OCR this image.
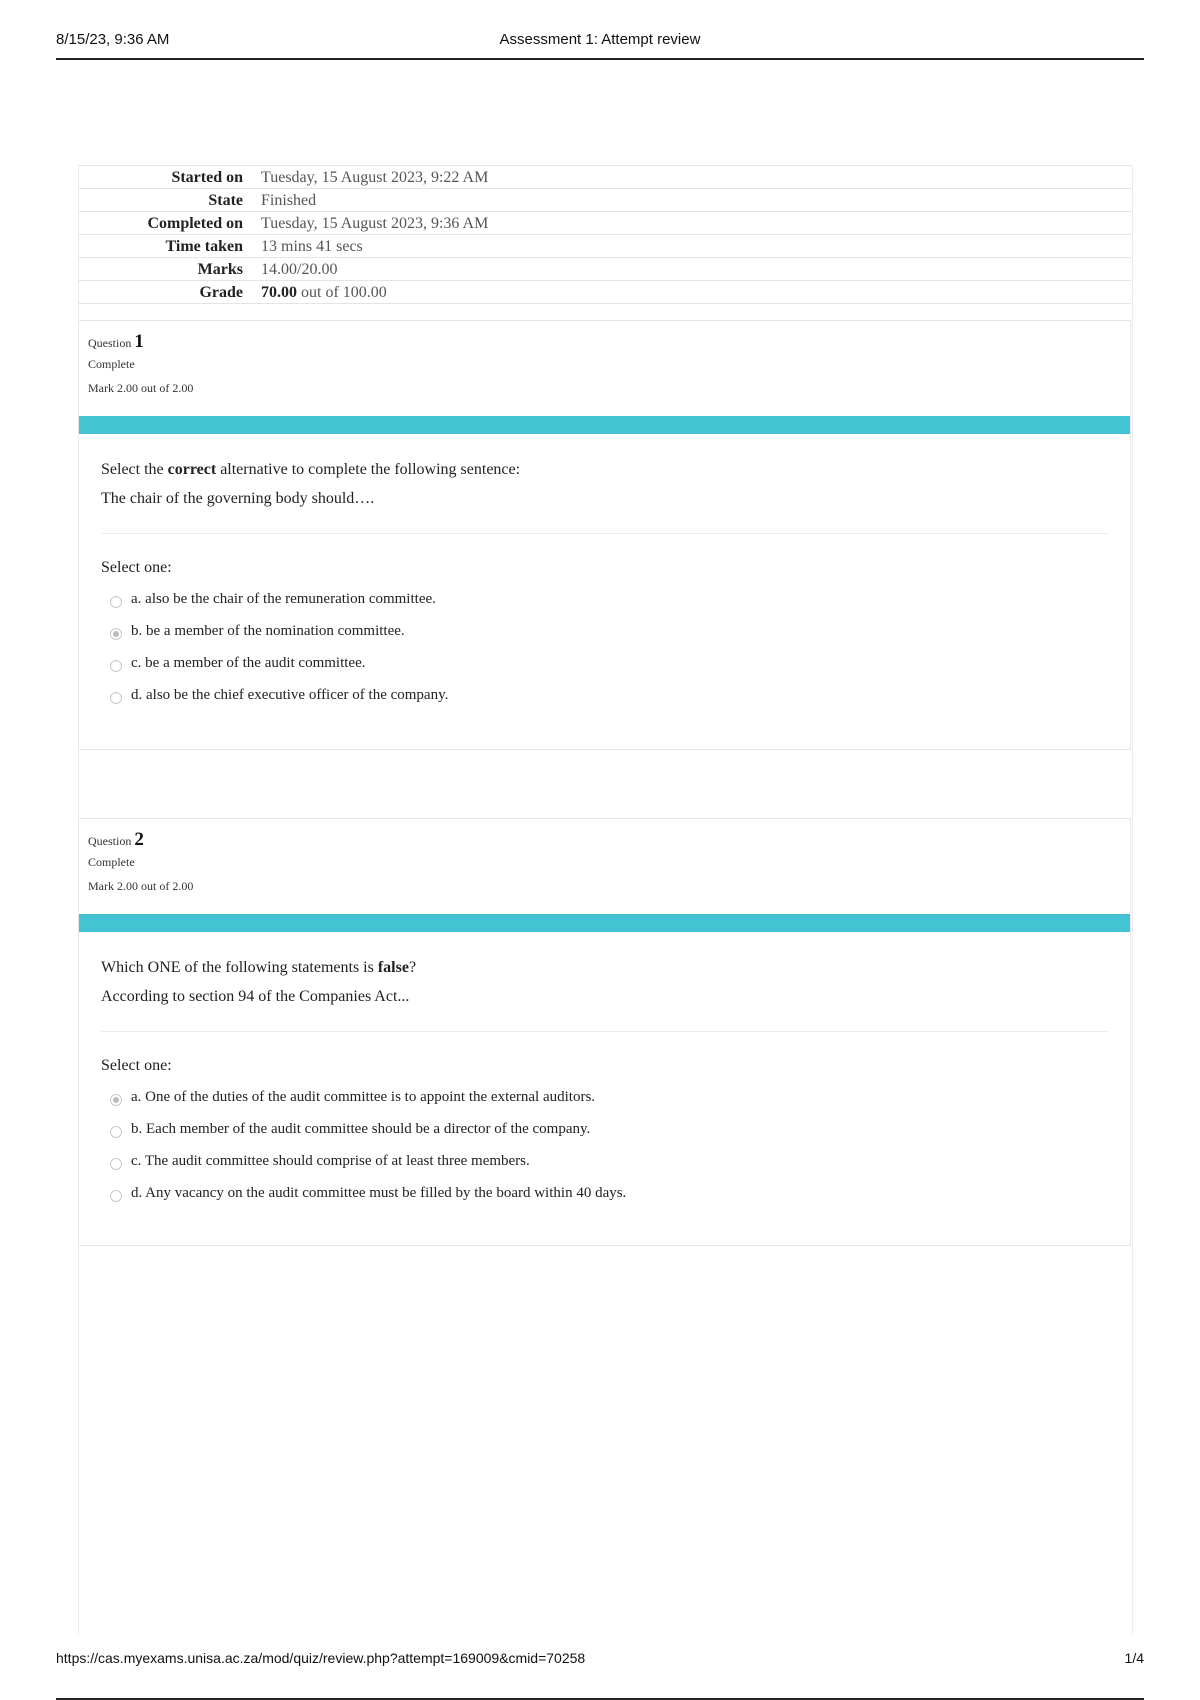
8/15/23, 9:36 AM	Assessment 1: Attempt review
Started on	Tuesday, 15 August 2023, 9:22 AM
State	Finished
Completed on	Tuesday, 15 August 2023, 9:36 AM
Time taken	13 mins 41 secs
Marks	14.00/20.00
Grade	70.00 out of 100.00
Question 1
Complete
Mark 2.00 out of 2.00

Select the correct alternative to complete the following sentence:

The chair of the governing body should….

Select one:
a. also be the chair of the remuneration committee.
b. be a member of the nomination committee.
c. be a member of the audit committee.
d. also be the chief executive officer of the company.
Question 2
Complete
Mark 2.00 out of 2.00

Which ONE of the following statements is false?

According to section 94 of the Companies Act...

Select one:
a. One of the duties of the audit committee is to appoint the external auditors.
b. Each member of the audit committee should be a director of the company.
c. The audit committee should comprise of at least three members.
d. Any vacancy on the audit committee must be filled by the board within 40 days.
https://cas.myexams.unisa.ac.za/mod/quiz/review.php?attempt=169009&cmid=70258	1/4
